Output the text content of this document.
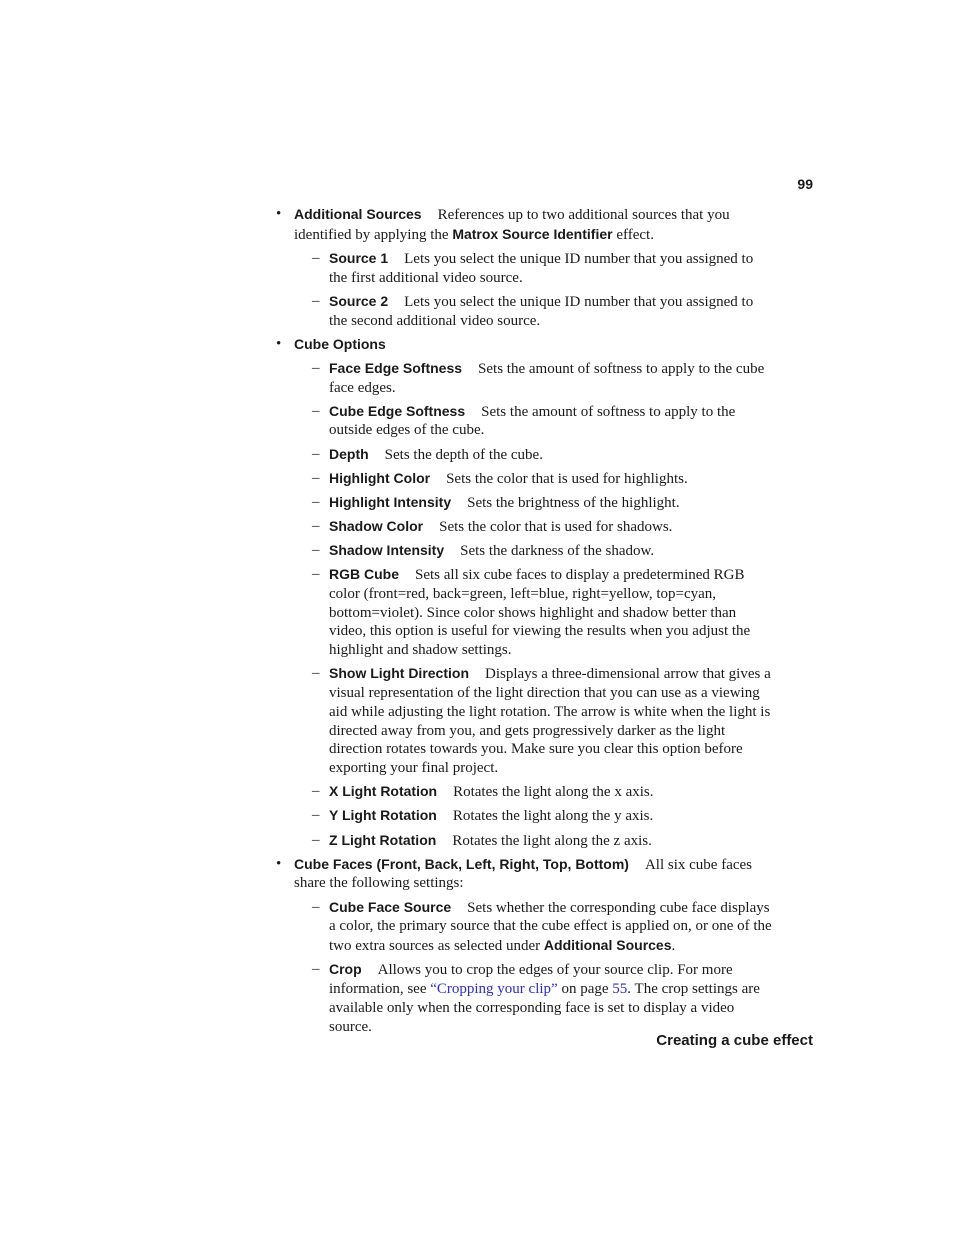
99
• Additional Sources References up to two additional sources that you identified by applying the Matrox Source Identifier effect.
– Source 1 Lets you select the unique ID number that you assigned to the first additional video source.
– Source 2 Lets you select the unique ID number that you assigned to the second additional video source.
• Cube Options
– Face Edge Softness Sets the amount of softness to apply to the cube face edges.
– Cube Edge Softness Sets the amount of softness to apply to the outside edges of the cube.
– Depth Sets the depth of the cube.
– Highlight Color Sets the color that is used for highlights.
– Highlight Intensity Sets the brightness of the highlight.
– Shadow Color Sets the color that is used for shadows.
– Shadow Intensity Sets the darkness of the shadow.
– RGB Cube Sets all six cube faces to display a predetermined RGB color (front=red, back=green, left=blue, right=yellow, top=cyan, bottom=violet). Since color shows highlight and shadow better than video, this option is useful for viewing the results when you adjust the highlight and shadow settings.
– Show Light Direction Displays a three-dimensional arrow that gives a visual representation of the light direction that you can use as a viewing aid while adjusting the light rotation. The arrow is white when the light is directed away from you, and gets progressively darker as the light direction rotates towards you. Make sure you clear this option before exporting your final project.
– X Light Rotation Rotates the light along the x axis.
– Y Light Rotation Rotates the light along the y axis.
– Z Light Rotation Rotates the light along the z axis.
• Cube Faces (Front, Back, Left, Right, Top, Bottom) All six cube faces share the following settings:
– Cube Face Source Sets whether the corresponding cube face displays a color, the primary source that the cube effect is applied on, or one of the two extra sources as selected under Additional Sources.
– Crop Allows you to crop the edges of your source clip. For more information, see “Cropping your clip” on page 55. The crop settings are available only when the corresponding face is set to display a video source.
Creating a cube effect
